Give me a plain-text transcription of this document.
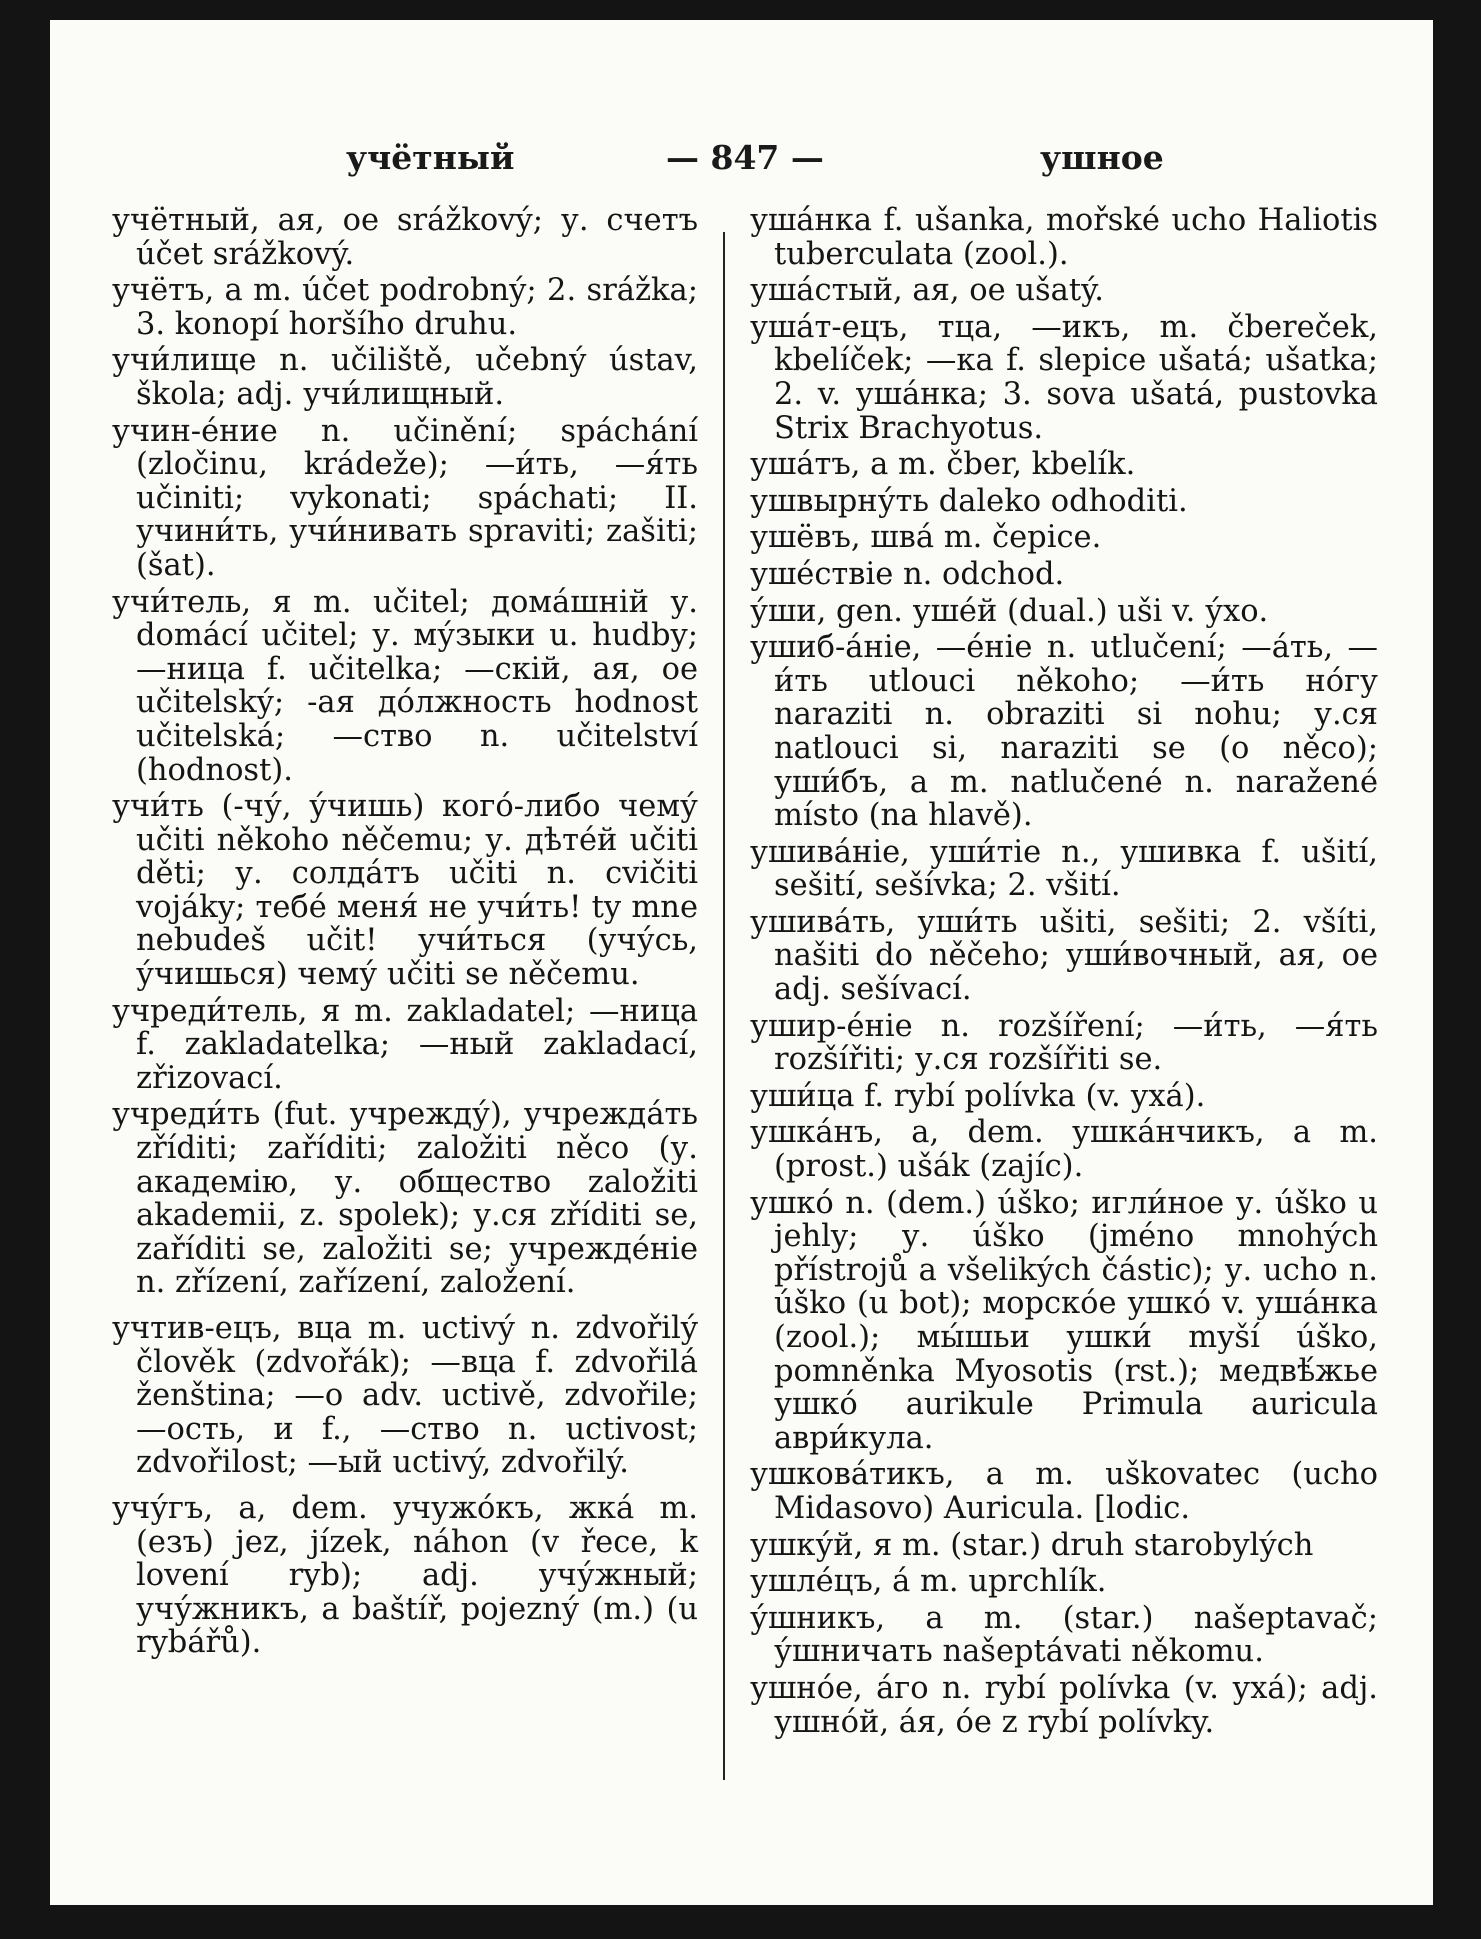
учётный	— 847 —	ушное

учётный, ая, ое srážkový; у. счетъ účet srážkový.

учётъ, а m. účet podrobný; 2. srážka; 3. konopí horšího druhu.

учи́лище n. učiliště, učebný ústav, škola; adj. учи́лищный.

учин-éние n. učinění; spáchání (zločinu, krádeže); —и́ть, —я́ть učiniti; vykonati; spáchati; II. учини́ть, учи́нивать spraviti; zašiti; (šat).

учи́тель, я m. učitel; дома́шній у. domácí učitel; у. му́зыки u. hudby; —ница f. učitelka; —скій, ая, ое učitelský; -ая до́лжность hodnost učitelská; —ство n. učitelství (hodnost).

учи́ть (-чу́, у́чишь) кого́-либо чему́ učiti někoho něčemu; у. дѣтéй učiti děti; у. солдáтъ učiti n. cvičiti vojáky; тебé меня́ не учи́ть! ty mne nebudeš učit! учи́ться (учу́сь, у́чишься) чему́ učiti se něčemu.

учреди́тель, я m. zakladatel; —ница f. zakladatelka; —ный zakladací, zřizovací.

учреди́ть (fut. учрежду́), учрежда́ть zříditi; zaříditi; založiti něco (у. академію, у. общество založiti akademii, z. spolek); у.ся zříditi se, zaříditi se, založiti se; учреждéніе n. zřízení, zařízení, založení.

учтив-ецъ, вца m. uctivý n. zdvořilý člověk (zdvořák); —вца f. zdvořilá ženština; —о adv. uctivě, zdvořile; —ость, и f., —ство n. uctivost; zdvořilost; —ый uctivý, zdvořilý.

учу́гъ, а, dem. учужо́къ, жка́ m. (езъ) jez, jízek, náhon (v řece, k lovení ryb); adj. учу́жный; учу́жникъ, а baštíř, pojezný (m.) (u rybářů).

уша́нка f. ušanka, mořské ucho Haliotis tuberculata (zool.).

уша́стый, ая, ое ušatý.

уша́т-ецъ, тца, —икъ, m. čbereček, kbelíček; —ка f. slepice ušatá; ušatka; 2. v. уша́нка; 3. sova ušatá, pustovka Strix Brachyotus.

уша́тъ, а m. čber, kbelík.

ушвырну́ть daleko odhoditi.

ушёвъ, шва́ m. čepice.

ушéствіе n. odchod.

у́ши, gen. ушéй (dual.) uši v. у́хо.

ушиб-áніе, —éніе n. utlučení; —áть, —и́ть utlouci někoho; —и́ть но́гу naraziti n. obraziti si nohu; у.ся natlouci si, naraziti se (o něco); уши́бъ, а m. natlučené n. naražené místo (na hlavě).

ушивáніе, уши́тіе n., ушивка f. ušití, sešití, sešívka; 2. všití.

ушивáть, уши́ть ušiti, sešiti; 2. všíti, našiti do něčeho; уши́вочный, ая, ое adj. sešívací.

ушир-éніе n. rozšíření; —и́ть, —я́ть rozšířiti; у.ся rozšířiti se.

уши́ца f. rybí polívka (v. уха́).

ушкáнъ, а, dem. ушкáнчикъ, а m. (prost.) ušák (zajíc).

ушко́ n. (dem.) úško; игли́ное у. úško u jehly; у. úško (jméno mnohých přístrojů a všelikých částic); у. ucho n. úško (u bot); морско́е ушко́ v. уша́нка (zool.); мы́шьи ушки́ myší úško, pomněnka Myosotis (rst.); медвѣ́жье ушко́ aurikule Primula auricula аври́кула.

ушковáтикъ, а m. uškovatec (ucho Midasovo) Auricula. [lodic.

ушку́й, я m. (star.) druh starobylých

ушлéцъ, á m. uprchlík.

у́шникъ, а m. (star.) našeptavač; у́шничать našeptávati někomu.

ушно́е, áго n. rybí polívka (v. уха́); adj. ушно́й, áя, óе z rybí polívky.
